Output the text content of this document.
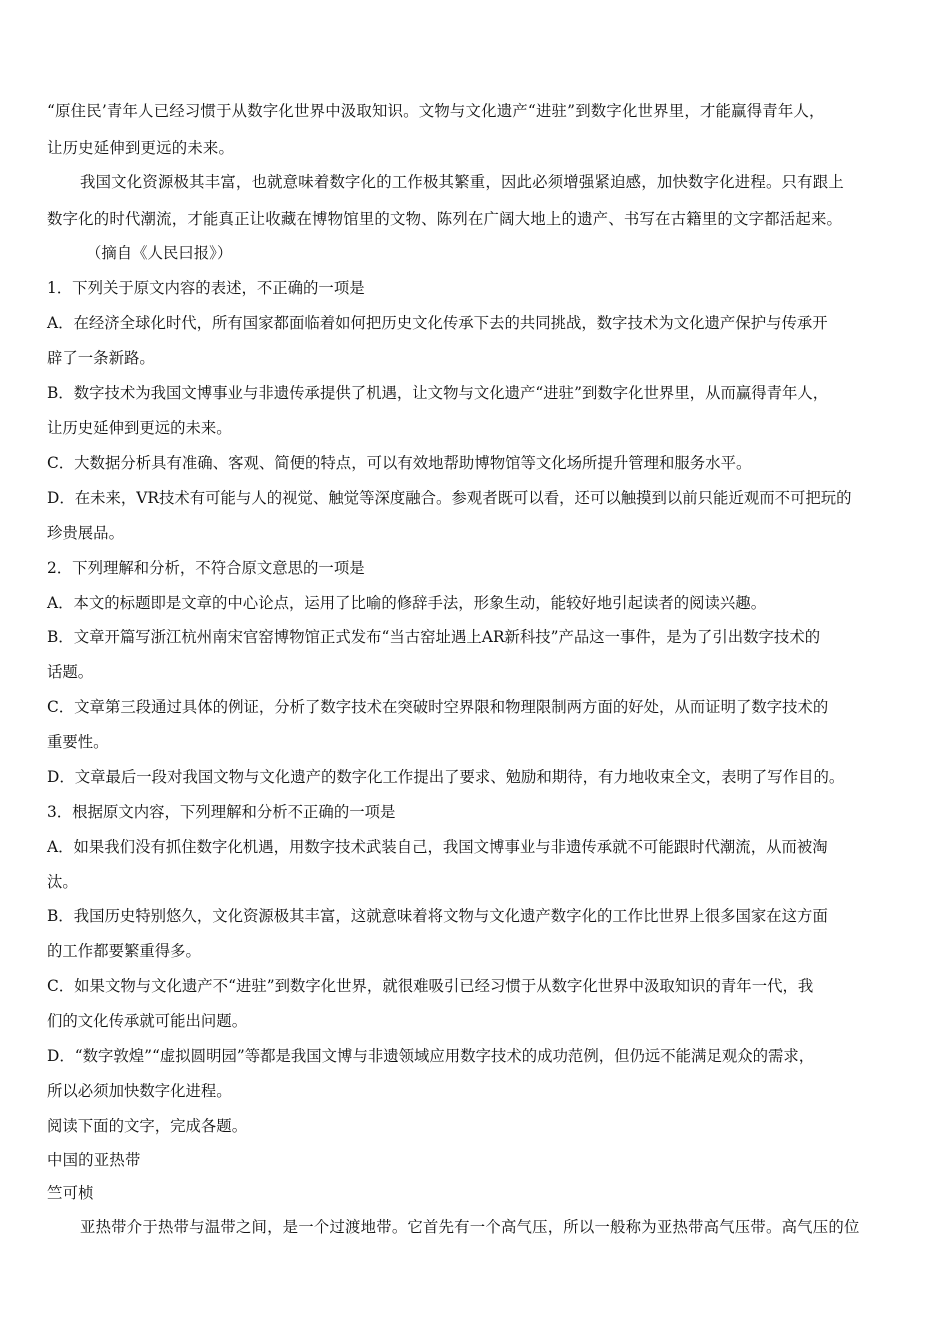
“原住民’青年人已经习惯于从数字化世界中汲取知识。文物与文化遗产“进驻”到数字化世界里，才能赢得青年人，
让历史延伸到更远的未来。
我国文化资源极其丰富，也就意味着数字化的工作极其繁重，因此必须增强紧迫感，加快数字化进程。只有跟上
数字化的时代潮流，才能真正让收藏在博物馆里的文物、陈列在广阔大地上的遗产、书写在古籍里的文字都活起来。
（摘自《人民曰报》）
1．下列关于原文内容的表述，不正确的一项是
A．在经济全球化时代，所有国家都面临着如何把历史文化传承下去的共同挑战，数字技术为文化遗产保护与传承开
辟了一条新路。
B．数字技术为我国文博事业与非遗传承提供了机遇，让文物与文化遗产“进驻”到数字化世界里，从而赢得青年人，
让历史延伸到更远的未来。
C．大数据分析具有准确、客观、简便的特点，可以有效地帮助博物馆等文化场所提升管理和服务水平。
D．在未来，VR技术有可能与人的视觉、触觉等深度融合。参观者既可以看，还可以触摸到以前只能近观而不可把玩的
珍贵展品。
2．下列理解和分析，不符合原文意思的一项是
A．本文的标题即是文章的中心论点，运用了比喻的修辞手法，形象生动，能较好地引起读者的阅读兴趣。
B．文章开篇写浙江杭州南宋官窑博物馆正式发布“当古窑址遇上AR新科技”产品这一事件，是为了引出数字技术的
话题。
C．文章第三段通过具体的例证，分析了数字技术在突破时空界限和物理限制两方面的好处，从而证明了数字技术的
重要性。
D．文章最后一段对我国文物与文化遗产的数字化工作提出了要求、勉励和期待，有力地收束全文，表明了写作目的。
3．根据原文内容，下列理解和分析不正确的一项是
A．如果我们没有抓住数字化机遇，用数字技术武装自己，我国文博事业与非遗传承就不可能跟时代潮流，从而被淘
汰。
B．我国历史特别悠久，文化资源极其丰富，这就意味着将文物与文化遗产数字化的工作比世界上很多国家在这方面
的工作都要繁重得多。
C．如果文物与文化遗产不“进驻”到数字化世界，就很难吸引已经习惯于从数字化世界中汲取知识的青年一代，我
们的文化传承就可能出问题。
D．“数字敦煌”“虚拟圆明园”等都是我国文博与非遗领域应用数字技术的成功范例，但仍远不能满足观众的需求，
所以必须加快数字化进程。
阅读下面的文字，完成各题。
中国的亚热带
竺可桢
亚热带介于热带与温带之间，是一个过渡地带。它首先有一个高气压，所以一般称为亚热带高气压带。高气压的位
